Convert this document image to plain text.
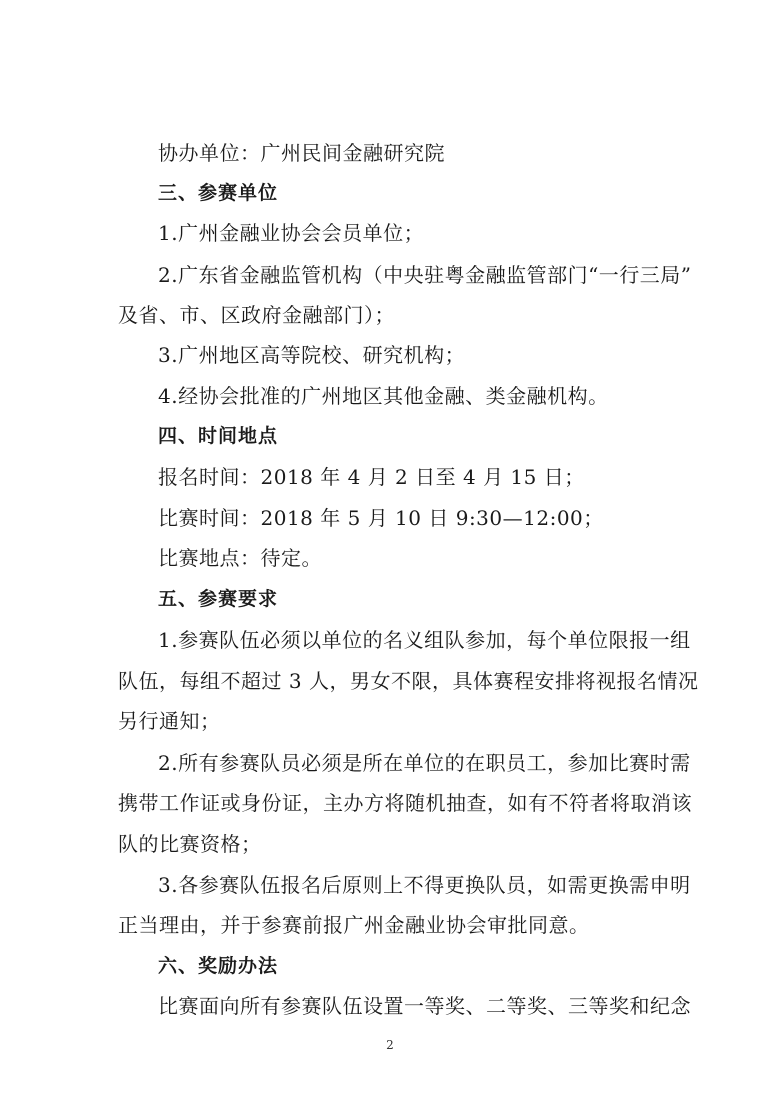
协办单位：广州民间金融研究院
三、参赛单位
1.广州金融业协会会员单位；
2.广东省金融监管机构（中央驻粤金融监管部门“一行三局”
及省、市、区政府金融部门）；
3.广州地区高等院校、研究机构；
4.经协会批准的广州地区其他金融、类金融机构。
四、时间地点
报名时间：2018 年 4 月 2 日至 4 月 15 日；
比赛时间：2018 年 5 月 10 日 9:30—12:00；
比赛地点：待定。
五、参赛要求
1.参赛队伍必须以单位的名义组队参加，每个单位限报一组
队伍，每组不超过 3 人，男女不限，具体赛程安排将视报名情况
另行通知；
2.所有参赛队员必须是所在单位的在职员工，参加比赛时需
携带工作证或身份证，主办方将随机抽查，如有不符者将取消该
队的比赛资格；
3.各参赛队伍报名后原则上不得更换队员，如需更换需申明
正当理由，并于参赛前报广州金融业协会审批同意。
六、奖励办法
比赛面向所有参赛队伍设置一等奖、二等奖、三等奖和纪念
2
